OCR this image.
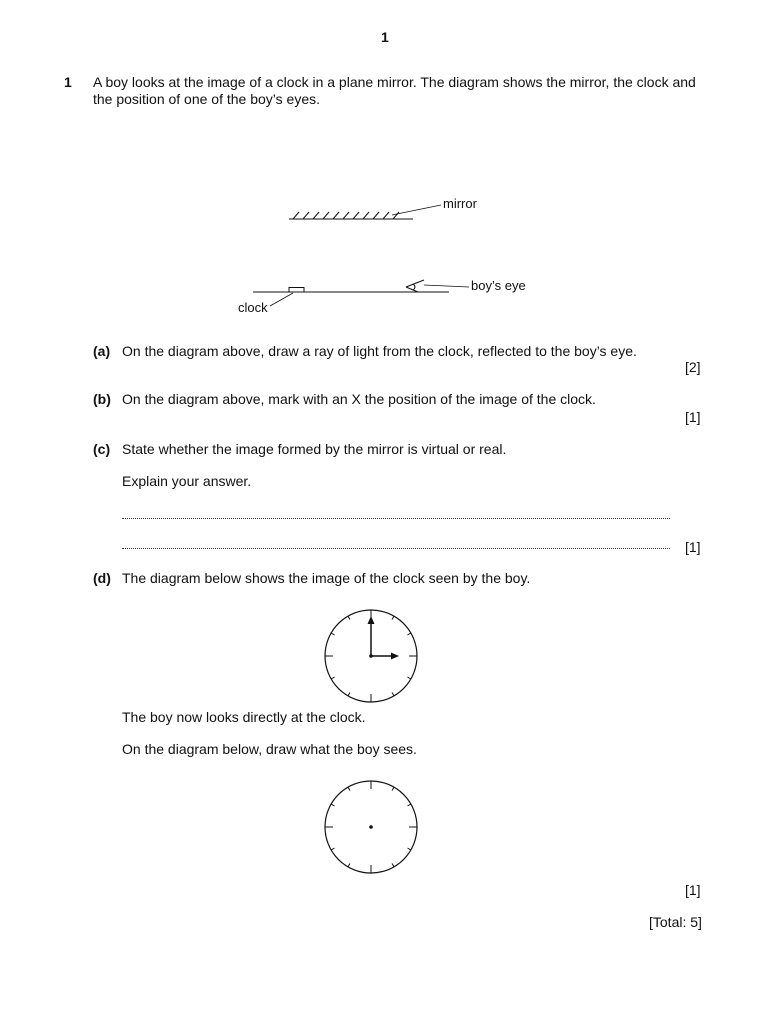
1
1 A boy looks at the image of a clock in a plane mirror. The diagram shows the mirror, the clock and
the position of one of the boy’s eyes.
mirror
clock
boy’s eye
(a) On the diagram above, draw a ray of light from the clock, reflected to the boy’s eye.
[2]
(b) On the diagram above, mark with an X the position of the image of the clock.
[1]
(c) State whether the image formed by the mirror is virtual or real.
Explain your answer.
[1]
(d) The diagram below shows the image of the clock seen by the boy.
The boy now looks directly at the clock.
On the diagram below, draw what the boy sees.
[1]
[Total: 5]
